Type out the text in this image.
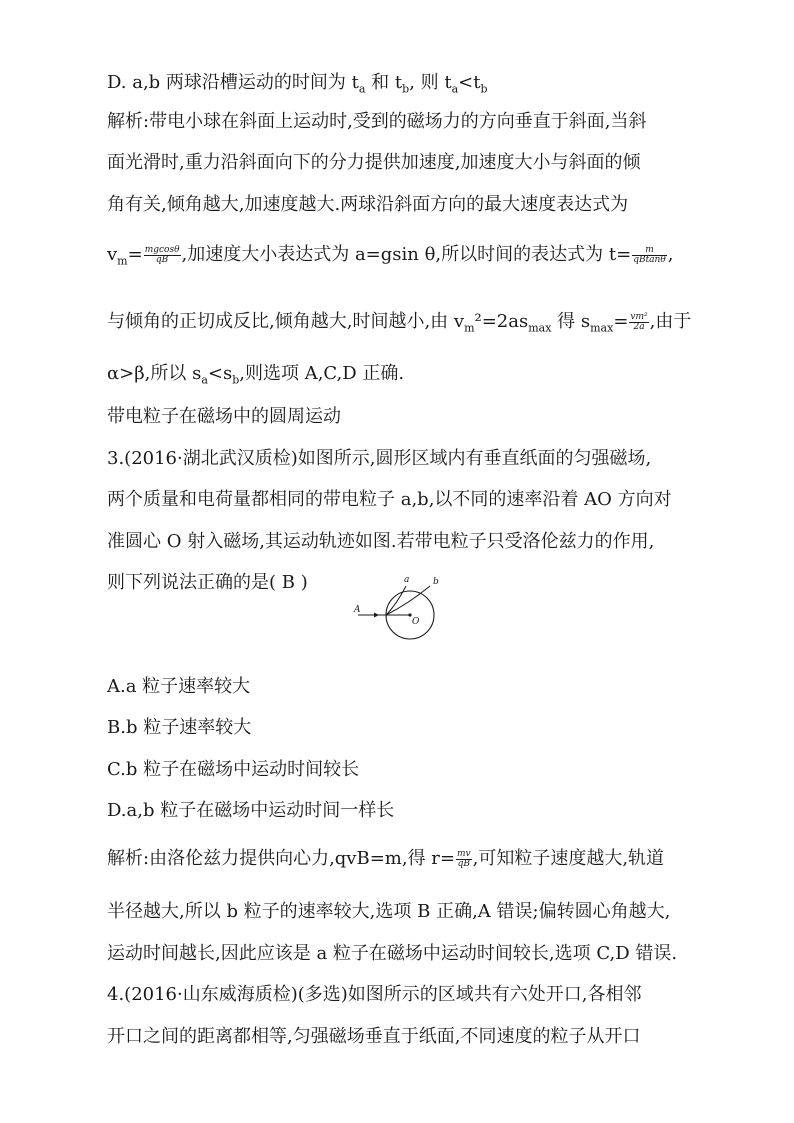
D. a,b 两球沿槽运动的时间为 $t_a$ 和 $t_b$, 则 $t_a<t_b$
解析:带电小球在斜面上运动时,受到的磁场力的方向垂直于斜面,当斜
面光滑时,重力沿斜面向下的分力提供加速度,加速度大小与斜面的倾
角有关,倾角越大,加速度越大.两球沿斜面方向的最大速度表达式为
$v_m= \frac{mgcos\theta}{qB}$ ,加速度大小表达式为 a=gsin θ,所以时间的表达式为 $t= \frac{m}{qBtan\theta}$ ,
与倾角的正切成反比,倾角越大,时间越小,由 $v_m^2=2as_{max}$ 得 $s_{max}= \frac{\text{vm²}}{2a}$ ,由于
α>β,所以 $s_a<s_b$,则选项 A,C,D 正确.
带电粒子在磁场中的圆周运动
3.(2016·湖北武汉质检)如图所示,圆形区域内有垂直纸面的匀强磁场,
两个质量和电荷量都相同的带电粒子 a,b,以不同的速率沿着 AO 方向对
准圆心 O 射入磁场,其运动轨迹如图.若带电粒子只受洛伦兹力的作用,
则下列说法正确的是( B )
A
O
a	b
A.a 粒子速率较大
B.b 粒子速率较大
C.b 粒子在磁场中运动时间较长
D.a,b 粒子在磁场中运动时间一样长
解析:由洛伦兹力提供向心力,qvB=m,得 $r= \frac{mv}{qB}$ ,可知粒子速度越大,轨道
半径越大,所以 b 粒子的速率较大,选项 B 正确,A 错误;偏转圆心角越大,
运动时间越长,因此应该是 a 粒子在磁场中运动时间较长,选项 C,D 错误.
4.(2016·山东威海质检)(多选)如图所示的区域共有六处开口,各相邻
开口之间的距离都相等,匀强磁场垂直于纸面,不同速度的粒子从开口
